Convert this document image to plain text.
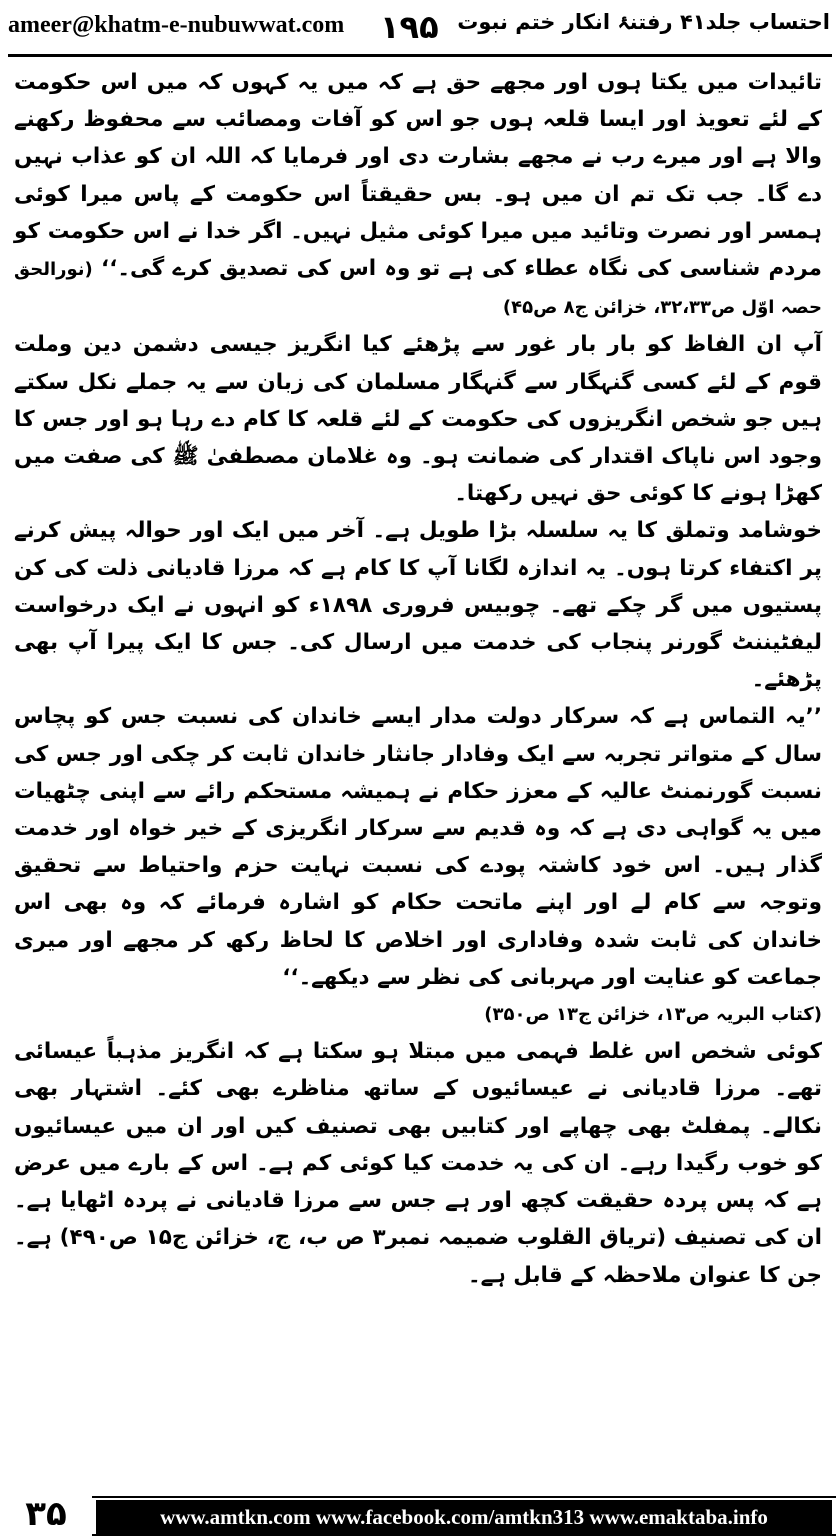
ameer@khatm-e-nubuwwat.com ۱۹۵ احتساب جلد۴۱ رفتنۂ انکار ختم نبوت

تائیدات میں یکتا ہوں اور مجھے حق ہے کہ میں یہ کہوں کہ میں اس حکومت کے لئے تعویذ اور ایسا قلعہ ہوں جو اس کو آفات ومصائب سے محفوظ رکھنے والا ہے اور میرے رب نے مجھے بشارت دی اور فرمایا کہ اللہ ان کو عذاب نہیں دے گا۔ جب تک تم ان میں ہو۔ بس حقیقتاً اس حکومت کے پاس میرا کوئی ہمسر اور نصرت وتائید میں میرا کوئی مثیل نہیں۔ اگر خدا نے اس حکومت کو مردم شناسی کی نگاہ عطاء کی ہے تو وہ اس کی تصدیق کرے گی۔‘‘ (نورالحق حصہ اوّل ص۳۲،۳۳، خزائن ج۸ ص۴۵)

آپ ان الفاظ کو بار بار غور سے پڑھئے کیا انگریز جیسی دشمن دین وملت قوم کے لئے کسی گنہگار سے گنہگار مسلمان کی زبان سے یہ جملے نکل سکتے ہیں جو شخص انگریزوں کی حکومت کے لئے قلعہ کا کام دے رہا ہو اور جس کا وجود اس ناپاک اقتدار کی ضمانت ہو۔ وہ غلامان مصطفیٰ ﷺ کی صفت میں کھڑا ہونے کا کوئی حق نہیں رکھتا۔

خوشامد وتملق کا یہ سلسلہ بڑا طویل ہے۔ آخر میں ایک اور حوالہ پیش کرنے پر اکتفاء کرتا ہوں۔ یہ اندازہ لگانا آپ کا کام ہے کہ مرزا قادیانی ذلت کی کن پستیوں میں گر چکے تھے۔ چوبیس فروری ۱۸۹۸ء کو انہوں نے ایک درخواست لیفٹیننٹ گورنر پنجاب کی خدمت میں ارسال کی۔ جس کا ایک پیرا آپ بھی پڑھئے۔

’’یہ التماس ہے کہ سرکار دولت مدار ایسے خاندان کی نسبت جس کو پچاس سال کے متواتر تجربہ سے ایک وفادار جانثار خاندان ثابت کر چکی اور جس کی نسبت گورنمنٹ عالیہ کے معزز حکام نے ہمیشہ مستحکم رائے سے اپنی چٹھیات میں یہ گواہی دی ہے کہ وہ قدیم سے سرکار انگریزی کے خیر خواہ اور خدمت گذار ہیں۔ اس خود کاشتہ پودے کی نسبت نہایت حزم واحتیاط سے تحقیق وتوجہ سے کام لے اور اپنے ماتحت حکام کو اشارہ فرمائے کہ وہ بھی اس خاندان کی ثابت شدہ وفاداری اور اخلاص کا لحاظ رکھ کر مجھے اور میری جماعت کو عنایت اور مہربانی کی نظر سے دیکھے۔‘‘

(کتاب البریہ ص۱۳، خزائن ج۱۳ ص۳۵۰)

کوئی شخص اس غلط فہمی میں مبتلا ہو سکتا ہے کہ انگریز مذہباً عیسائی تھے۔ مرزا قادیانی نے عیسائیوں کے ساتھ مناظرے بھی کئے۔ اشتہار بھی نکالے۔ پمفلٹ بھی چھاپے اور کتابیں بھی تصنیف کیں اور ان میں عیسائیوں کو خوب رگیدا رہے۔ ان کی یہ خدمت کیا کوئی کم ہے۔ اس کے بارے میں عرض ہے کہ پس پردہ حقیقت کچھ اور ہے جس سے مرزا قادیانی نے پردہ اٹھایا ہے۔ ان کی تصنیف (تریاق القلوب ضمیمہ نمبر۳ ص ب، ج، خزائن ج۱۵ ص۴۹۰) ہے۔ جن کا عنوان ملاحظہ کے قابل ہے۔

۳۵	www.amtkn.com www.facebook.com/amtkn313 www.emaktaba.info
